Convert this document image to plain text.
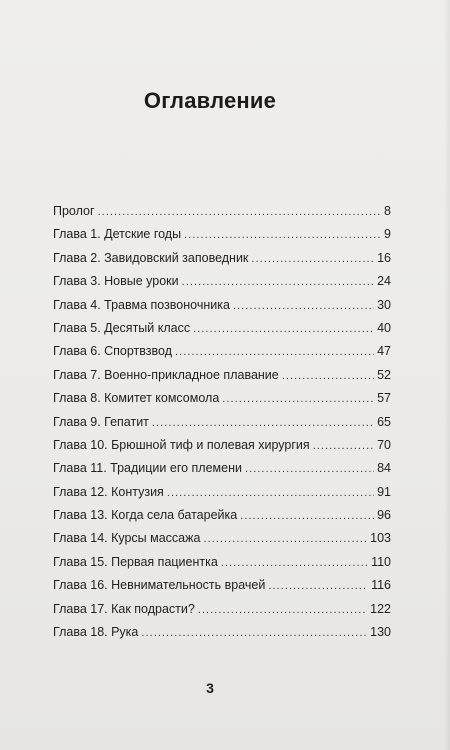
Оглавление
Пролог . . .	8
Глава 1. Детские годы . . .	9
Глава 2. Завидовский заповедник . . .	16
Глава 3. Новые уроки . . .	24
Глава 4. Травма позвоночника . . .	30
Глава 5. Десятый класс . . .	40
Глава 6. Спортвзвод . . .	47
Глава 7. Военно-прикладное плавание . . .	52
Глава 8. Комитет комсомола . . .	57
Глава 9. Гепатит . . .	65
Глава 10. Брюшной тиф и полевая хирургия . . .	70
Глава 11. Традиции его племени . . .	84
Глава 12. Контузия . . .	91
Глава 13. Когда села батарейка . . .	96
Глава 14. Курсы массажа . . .	103
Глава 15. Первая пациентка . . .	110
Глава 16. Невнимательность врачей . . .	116
Глава 17. Как подрасти? . . .	122
Глава 18. Рука . . .	130
3
